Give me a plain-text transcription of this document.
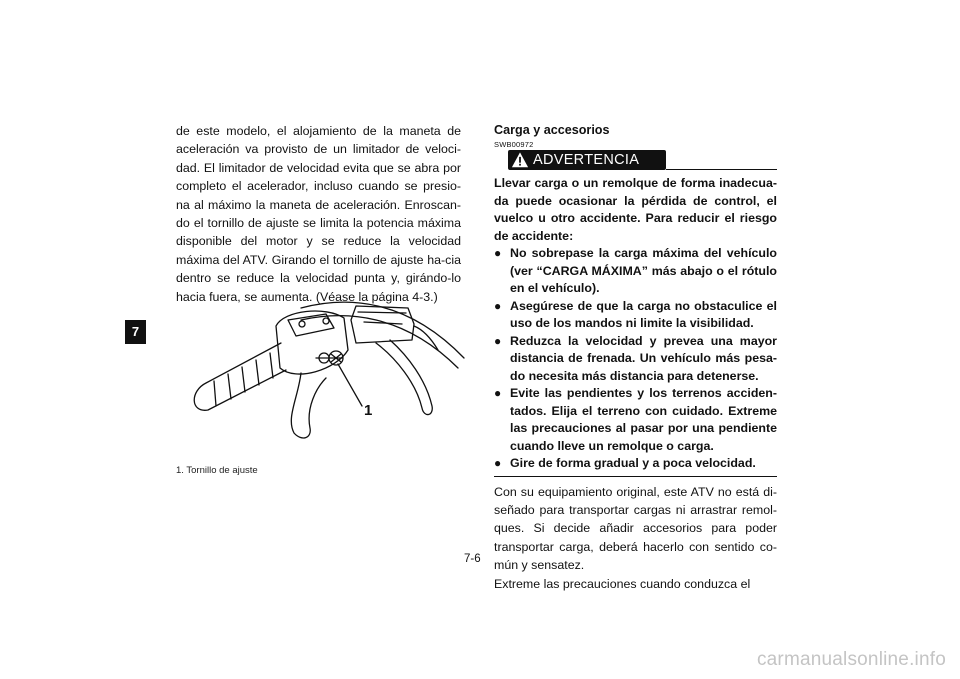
7

de este modelo, el alojamiento de la maneta de aceleración va provisto de un limitador de veloci-dad. El limitador de velocidad evita que se abra por completo el acelerador, incluso cuando se presio-na al máximo la maneta de aceleración. Enroscan-do el tornillo de ajuste se limita la potencia máxima disponible del motor y se reduce la velocidad máxima del ATV. Girando el tornillo de ajuste ha-cia dentro se reduce la velocidad punta y, girándo-lo hacia fuera, se aumenta. (Véase la página 4-3.)

1
1. Tornillo de ajuste

Carga y accesorios

SWB00972
ADVERTENCIA

Llevar carga o un remolque de forma inadecua-da puede ocasionar la pérdida de control, el vuelco u otro accidente. Para reducir el riesgo de accidente:

● No sobrepase la carga máxima del vehículo (ver “CARGA MÁXIMA” más abajo o el rótulo en el vehículo).
● Asegúrese de que la carga no obstaculice el uso de los mandos ni limite la visibilidad.
● Reduzca la velocidad y prevea una mayor distancia de frenada. Un vehículo más pesa-do necesita más distancia para detenerse.
● Evite las pendientes y los terrenos acciden-tados. Elija el terreno con cuidado. Extreme las precauciones al pasar por una pendiente cuando lleve un remolque o carga.
● Gire de forma gradual y a poca velocidad.

Con su equipamiento original, este ATV no está di-señado para transportar cargas ni arrastrar remol-ques. Si decide añadir accesorios para poder transportar carga, deberá hacerlo con sentido co-mún y sensatez.

Extreme las precauciones cuando conduzca el

7-6
carmanualsonline.info
